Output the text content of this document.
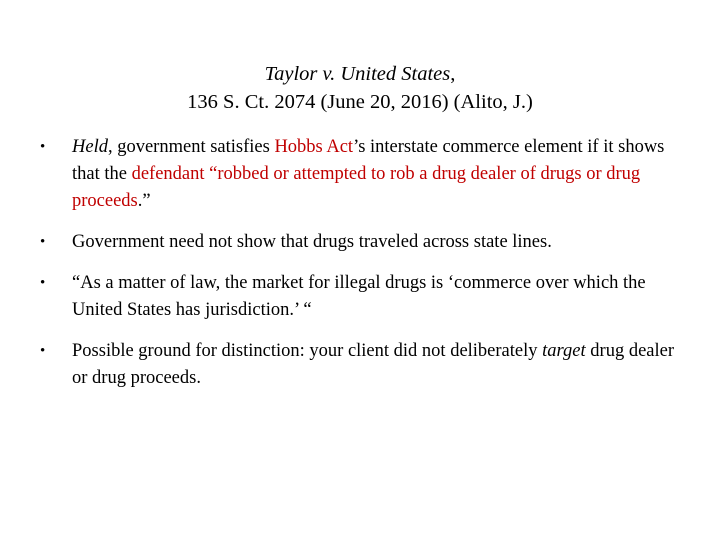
Taylor v. United States,
136 S. Ct. 2074 (June 20, 2016) (Alito, J.)
• Held, government satisfies Hobbs Act’s interstate commerce element if it shows that the defendant “robbed or attempted to rob a drug dealer of drugs or drug proceeds.”
• Government need not show that drugs traveled across state lines.
• “As a matter of law, the market for illegal drugs is ‘commerce over which the United States has jurisdiction.’ “
• Possible ground for distinction: your client did not deliberately target drug dealer or drug proceeds.
